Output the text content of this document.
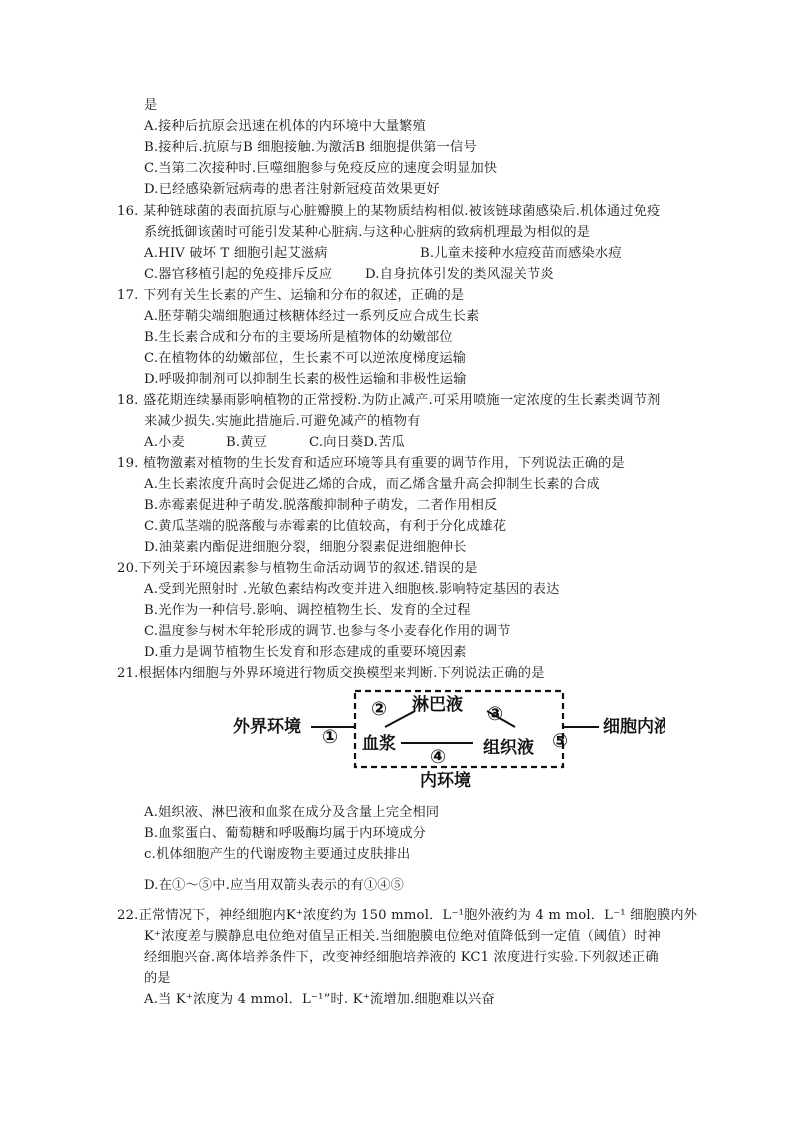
是
A.接种后抗原会迅速在机体的内环境中大量繁殖
B.接种后.抗原与B 细胞接触.为激活B 细胞提供第一信号
C.当第二次接种时.巨噬细胞参与免疫反应的速度会明显加快
D.已经感染新冠病毒的患者注射新冠疫苗效果更好
16. 某种链球菌的表面抗原与心脏瓣膜上的某物质结构相似.被该链球菌感染后.机体通过免疫
系统抵御该菌时可能引发某种心脏病.与这种心脏病的致病机理最为相似的是
A.HIV 破坏 T 细胞引起艾滋病	B.儿童未接种水痘疫苗而感染水痘
C.器官移植引起的免疫排斥反应 D.自身抗体引发的类风湿关节炎
17. 下列有关生长素的产生、运输和分布的叙述，正确的是
A.胚芽鞘尖端细胞通过核糖体经过一系列反应合成生长素
B.生长素合成和分布的主要场所是植物体的幼嫩部位
C.在植物体的幼嫩部位，生长素不可以逆浓度梯度运输
D.呼吸抑制剂可以抑制生长素的极性运输和非极性运输
18. 盛花期连续暴雨影响植物的正常授粉.为防止减产.可采用喷施一定浓度的生长素类调节剂
来减少损失.实施此措施后.可避免减产的植物有
A.小麦	B.黄豆	C.向日葵D.苦瓜
19. 植物激素对植物的生长发育和适应环境等具有重要的调节作用，下列说法正确的是
A.生长素浓度升高时会促进乙烯的合成，而乙烯含量升高会抑制生长素的合成
B.赤霉素促进种子萌发.脱落酸抑制种子萌发，二者作用相反
C.黄瓜茎端的脱落酸与赤霉素的比值较高，有利于分化成雄花
D.油菜素内酯促进细胞分裂，细胞分裂素促进细胞伸长
20.下列关于环境因素参与植物生命活动调节的叙述.错误的是
A.受到光照射时 .光敏色素结构改变并进入细胞核.影响特定基因的表达
B.光作为一种信号.影响、调控植物生长、发育的全过程
C.温度参与树木年轮形成的调节.也参与冬小麦春化作用的调节
D.重力是调节植物生长发育和形态建成的重要环境因素
21.根据体内细胞与外界环境进行物质交换模型来判断.下列说法正确的是
外界环境	细胞内液
淋巴液
血浆	组织液
内环境
①
②	③
④
⑤
A.姐织液、淋巴液和血浆在成分及含量上完全相同
B.血浆蛋白、葡萄糖和呼吸酶均属于内环境成分
c.机体细胞产生的代谢废物主要通过皮肤排出
D.在①～⑤中.应当用双箭头表示的有①④⑤
22.正常情况下，神经细胞内K⁺浓度约为 150 mmol．L⁻¹胞外液约为 4 m mol．L⁻¹ 细胞膜内外
K⁺浓度差与膜静息电位绝对值呈正相关.当细胞膜电位绝对值降低到一定值（阈值）时神
经细胞兴奋.离体培养条件下，改变神经细胞培养液的 KC1 浓度进行实验.下列叙述正确
的是
A.当 K⁺浓度为 4 mmol．L⁻¹”时. K⁺流增加.细胞难以兴奋
